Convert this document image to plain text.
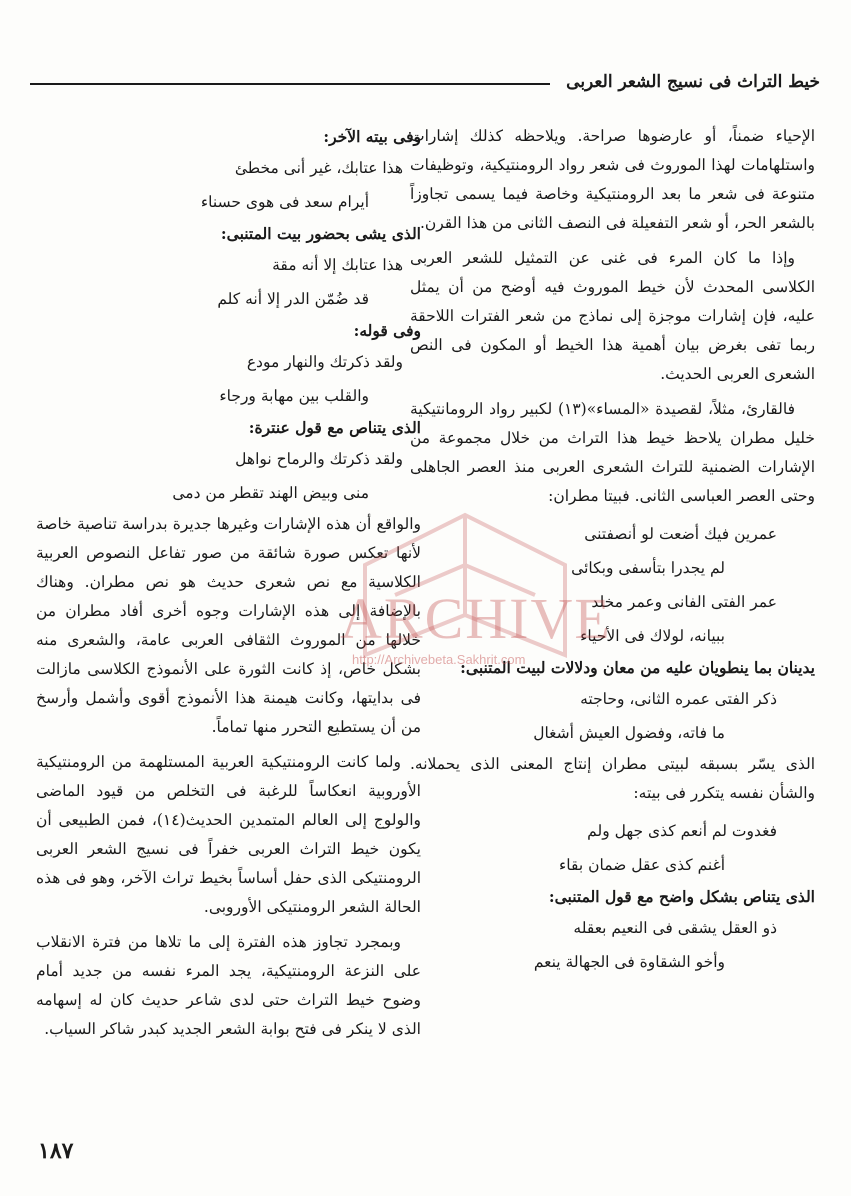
خيط التراث فى نسيج الشعر العربى

الإحياء ضمناً، أو عارضوها صراحة. ويلاحظه كذلك إشارات واستلهامات لهذا الموروث فى شعر رواد الرومنتيكية، وتوظيفات متنوعة فى شعر ما بعد الرومنتيكية وخاصة فيما يسمى تجاوزاً بالشعر الحر، أو شعر التفعيلة فى النصف الثانى من هذا القرن.

وإذا ما كان المرء فى غنى عن التمثيل للشعر العربى الكلاسى المحدث لأن خيط الموروث فيه أوضح من أن يمثل عليه، فإن إشارات موجزة إلى نماذج من شعر الفترات اللاحقة ربما تفى بغرض بيان أهمية هذا الخيط أو المكون فى النص الشعرى العربى الحديث.

فالقارئ، مثلاً، لقصيدة «المساء»(١٣) لكبير رواد الرومانتيكية خليل مطران يلاحظ خيط هذا التراث من خلال مجموعة من الإشارات الضمنية للتراث الشعرى العربى منذ العصر الجاهلى وحتى العصر العباسى الثانى. فبيتا مطران:

عمرين فيك أضعت لو أنصفتنى
لم يجدرا بتأسفى وبكائى
عمر الفتى الفانى وعمر مخلد
ببيانه، لولاك فى الأحياء

يدينان بما ينطويان عليه من معان ودلالات لبيت المتنبى:

ذكر الفتى عمره الثانى، وحاجته
ما فاته، وفضول العيش أشغال

الذى يسّر بسبقه لبيتى مطران إنتاج المعنى الذى يحملانه. والشأن نفسه يتكرر فى بيته:

فغدوت لم أنعم كذى جهل ولم
أغنم كذى عقل ضمان بقاء

الذى يتناص بشكل واضح مع قول المتنبى:

ذو العقل يشقى فى النعيم بعقله
وأخو الشقاوة فى الجهالة ينعم

وفى بيته الآخر:

هذا عتابك، غير أنى مخطئ
أيرام سعد فى هوى حسناء

الذى يشى بحضور بيت المتنبى:

هذا عتابك إلا أنه مقة
قد ضُمّن الدر إلا أنه كلم

وفى قوله:

ولقد ذكرتك والنهار مودع
والقلب بين مهابة ورجاء

الذى يتناص مع قول عنترة:

ولقد ذكرتك والرماح نواهل
منى وبيض الهند تقطر من دمى

والواقع أن هذه الإشارات وغيرها جديرة بدراسة تناصية خاصة لأنها تعكس صورة شائقة من صور تفاعل النصوص العربية الكلاسية مع نص شعرى حديث هو نص مطران. وهناك بالإضافة إلى هذه الإشارات وجوه أخرى أفاد مطران من خلالها من الموروث الثقافى العربى عامة، والشعرى منه بشكل خاص، إذ كانت الثورة على الأنموذج الكلاسى مازالت فى بدايتها، وكانت هيمنة هذا الأنموذج أقوى وأشمل وأرسخ من أن يستطيع التحرر منها تماماً.

ولما كانت الرومنتيكية العربية المستلهمة من الرومنتيكية الأوروبية انعكاساً للرغبة فى التخلص من قيود الماضى والولوج إلى العالم المتمدين الحديث(١٤)، فمن الطبيعى أن يكون خيط التراث العربى خفراً فى نسيج الشعر العربى الرومنتيكى الذى حفل أساساً بخيط تراث الآخر، وهو فى هذه الحالة الشعر الرومنتيكى الأوروبى.

وبمجرد تجاوز هذه الفترة إلى ما تلاها من فترة الانقلاب على النزعة الرومنتيكية، يجد المرء نفسه من جديد أمام وضوح خيط التراث حتى لدى شاعر حديث كان له إسهامه الذى لا ينكر فى فتح بوابة الشعر الجديد كبدر شاكر السياب.

ARCHIVE
http://Archivebeta.Sakhrit.com
١٨٧
